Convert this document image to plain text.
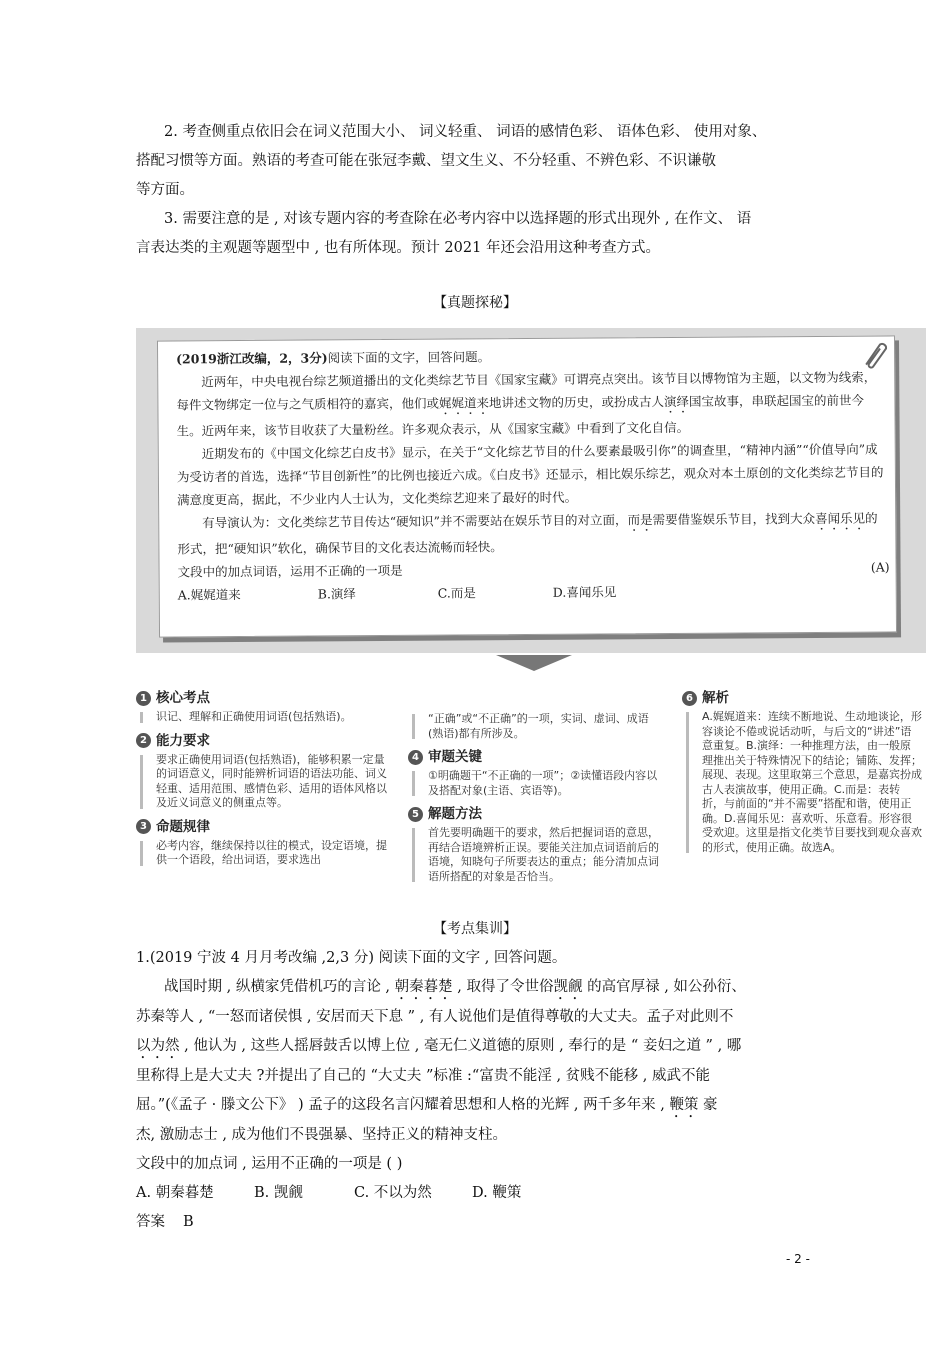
2. 考查侧重点依旧会在词义范围大小、 词义轻重、 词语的感情色彩、 语体色彩、 使用对象、

搭配习惯等方面。熟语的考查可能在张冠李戴、望文生义、不分轻重、不辨色彩、不识谦敬

等方面。

3. 需要注意的是 , 对该专题内容的考查除在必考内容中以选择题的形式出现外 , 在作文、 语

言表达类的主观题等题型中 , 也有所体现。预计 2021 年还会沿用这种考查方式。

【真题探秘】

(2019浙江改编，2，3分)阅读下面的文字，回答问题。

近两年，中央电视台综艺频道播出的文化类综艺节目《国家宝藏》可谓亮点突出。该节目以博物馆为主题，以文物为线索，每件文物绑定一位与之气质相符的嘉宾，他们或娓娓道来地讲述文物的历史，或扮成古人演绎国宝故事，串联起国宝的前世今生。近两年来，该节目收获了大量粉丝。许多观众表示，从《国家宝藏》中看到了文化自信。

近期发布的《中国文化综艺白皮书》显示，在关于“文化综艺节目的什么要素最吸引你”的调查里，“精神内涵”“价值导向”成为受访者的首选，选择“节目创新性”的比例也接近六成。《白皮书》还显示，相比娱乐综艺，观众对本土原创的文化类综艺节目的满意度更高，据此，不少业内人士认为，文化类综艺迎来了最好的时代。

有导演认为：文化类综艺节目传达“硬知识”并不需要站在娱乐节目的对立面，而是需要借鉴娱乐节目，找到大众喜闻乐见的形式，把“硬知识”软化，确保节目的文化表达流畅而轻快。

文段中的加点词语，运用不正确的一项是	(A)

A.娓娓道来	B.演绎	C.而是	D.喜闻乐见

1 核心考点
识记、理解和正确使用词语(包括熟语)。
2 能力要求
要求正确使用词语(包括熟语)，能够积累一定量的词语意义，同时能辨析词语的语法功能、词义轻重、适用范围、感情色彩、适用的语体风格以及近义词意义的侧重点等。
3 命题规律
必考内容，继续保持以往的模式，设定语境，提供一个语段，给出词语，要求选出
“正确”或“不正确”的一项，实词、虚词、成语(熟语)都有所涉及。
4 审题关键
①明确题干“不正确的一项”；②读懂语段内容以及搭配对象(主语、宾语等)。
5 解题方法
首先要明确题干的要求，然后把握词语的意思，再结合语境辨析正误。要能关注加点词语前后的语境，知晓句子所要表达的重点；能分清加点词语所搭配的对象是否恰当。
6 解析
A.娓娓道来：连续不断地说、生动地谈论，形容谈论不倦或说话动听，与后文的“讲述”语意重复。B.演绎：一种推理方法，由一般原理推出关于特殊情况下的结论；铺陈、发挥；展现、表现。这里取第三个意思，是嘉宾扮成古人表演故事，使用正确。C.而是：表转折，与前面的“并不需要”搭配和谐，使用正确。D.喜闻乐见：喜欢听、乐意看。形容很受欢迎。这里是指文化类节目要找到观众喜欢的形式，使用正确。故选A。
【考点集训】

1.(2019 宁波 4 月月考改编 ,2,3 分) 阅读下面的文字 , 回答问题。

战国时期 , 纵横家凭借机巧的言论 , 朝秦暮楚 , 取得了令世俗觊觎 的高官厚禄 , 如公孙衍、

苏秦等人 , “一怒而诸侯惧 , 安居而天下息 ” , 有人说他们是值得尊敬的大丈夫。孟子对此则不

以为然 , 他认为 , 这些人摇唇鼓舌以博上位 , 毫无仁义道德的原则 , 奉行的是 “ 妾妇之道 ” , 哪

里称得上是大丈夫 ?并提出了自己的 “大丈夫 ”标准 :“富贵不能淫 , 贫贱不能移 , 威武不能

屈。”(《孟子 · 滕文公下》 ) 孟子的这段名言闪耀着思想和人格的光辉 , 两千多年来 , 鞭策 豪

杰, 激励志士 , 成为他们不畏强暴、坚持正义的精神支柱。

文段中的加点词 , 运用不正确的一项是 ( )

A. 朝秦暮楚	B. 觊觎	C. 不以为然	D. 鞭策

答案 B

- 2 -
